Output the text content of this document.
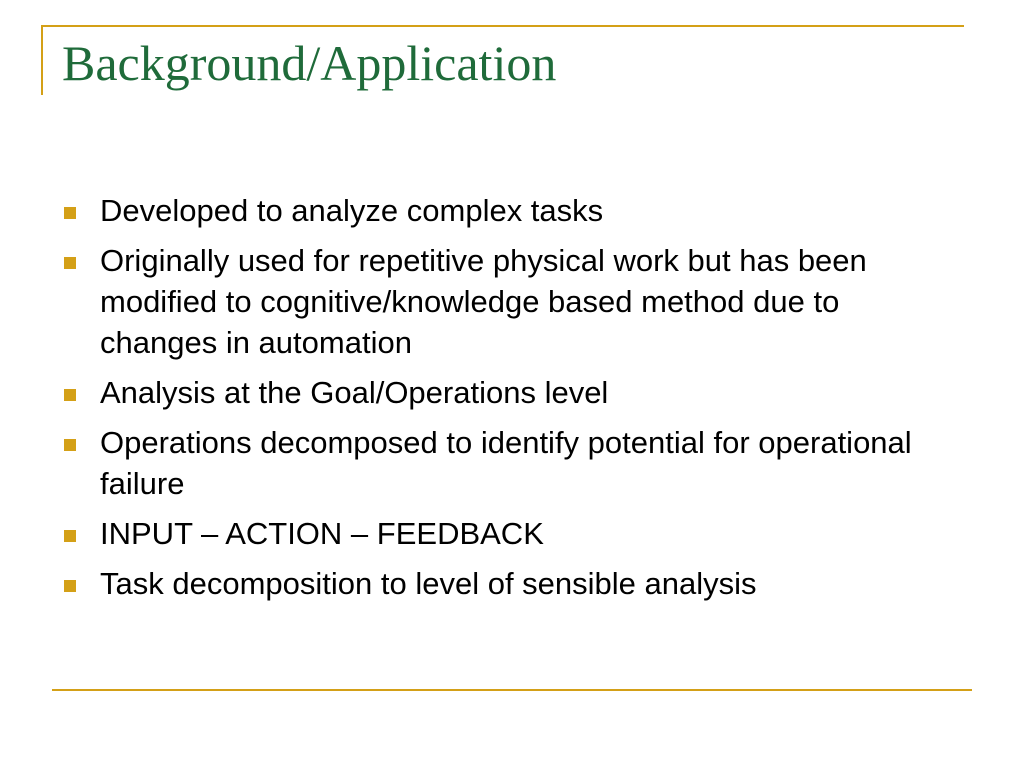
Background/Application
Developed to analyze complex tasks
Originally used for repetitive physical work but has been modified to cognitive/knowledge based method due to changes in automation
Analysis at the Goal/Operations level
Operations decomposed to identify potential for operational failure
INPUT – ACTION – FEEDBACK
Task decomposition to level of sensible analysis
